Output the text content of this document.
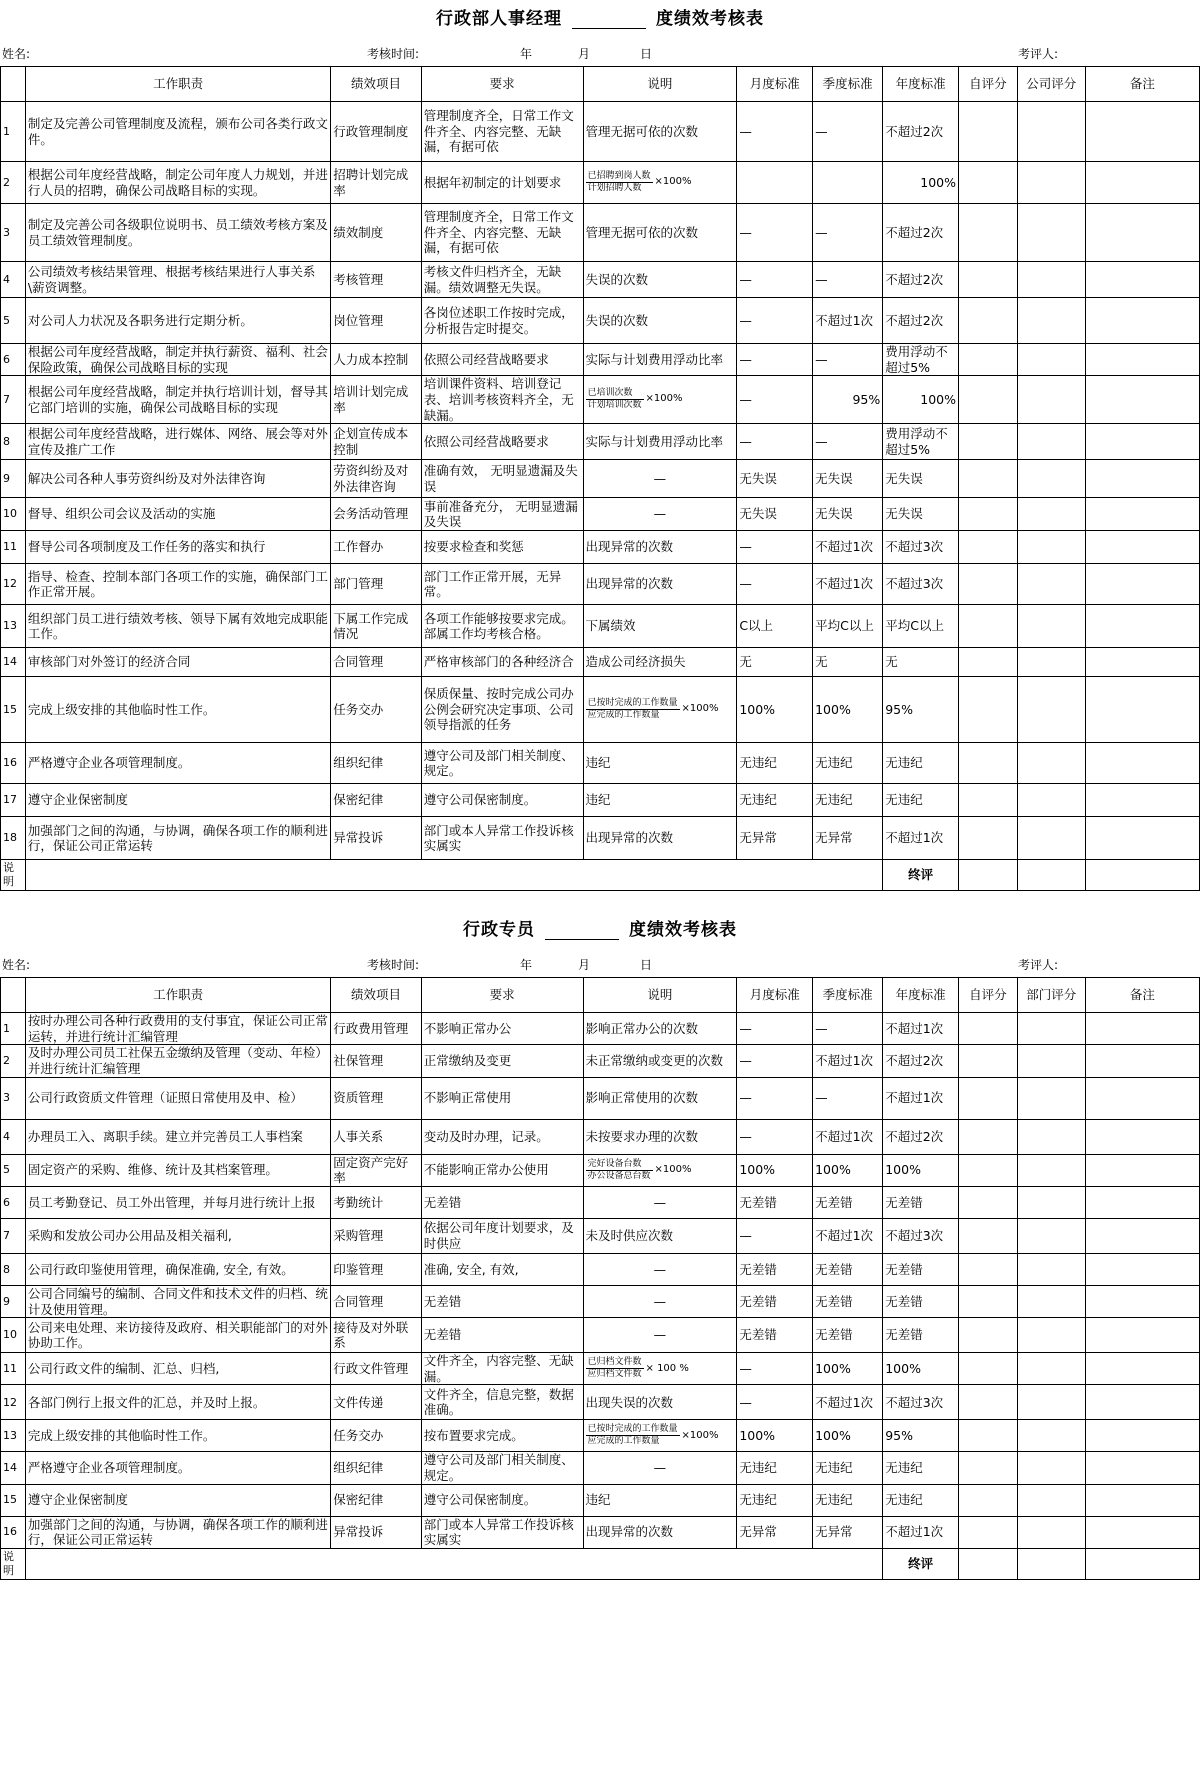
行政部人事经理	度绩效考核表
姓名:	考核时间:	年	月	日	考评人:
	工作职责	绩效项目	要求	说明	月度标准	季度标准	年度标准	自评分	公司评分	备注
1	制定及完善公司管理制度及流程，颁布公司各类行政文件。	行政管理制度	管理制度齐全，日常工作文件齐全、内容完整、无缺漏，有据可依	管理无据可依的次数	—	—	不超过2次			
2	根据公司年度经营战略，制定公司年度人力规划，并进行人员的招聘，确保公司战略目标的实现。	招聘计划完成率	根据年初制定的计划要求	$\frac{\text{已招聘到岗人数}}{\text{计划招聘人数}} \times 100\%$			100%			
3	制定及完善公司各级职位说明书、员工绩效考核方案及员工绩效管理制度。	绩效制度	管理制度齐全，日常工作文件齐全、内容完整、无缺漏，有据可依	管理无据可依的次数	—	—	不超过2次			
4	公司绩效考核结果管理、根据考核结果进行人事关系\薪资调整。	考核管理	考核文件归档齐全，无缺漏。绩效调整无失误。	失误的次数	—	—	不超过2次			
5	对公司人力状况及各职务进行定期分析。	岗位管理	各岗位述职工作按时完成，分析报告定时提交。	失误的次数	—	不超过1次	不超过2次			
6	根据公司年度经营战略，制定并执行薪资、福利、社会保险政策，确保公司战略目标的实现	人力成本控制	依照公司经营战略要求	实际与计划费用浮动比率	—	—	费用浮动不超过5%			
7	根据公司年度经营战略，制定并执行培训计划，督导其它部门培训的实施，确保公司战略目标的实现	培训计划完成率	培训课件资料、培训登记表、培训考核资料齐全，无缺漏。	$\frac{\text{已培训次数}}{\text{计划培训次数}} \times 100\%$	—	95%	100%			
8	根据公司年度经营战略，进行媒体、网络、展会等对外宣传及推广工作	企划宣传成本控制	依照公司经营战略要求	实际与计划费用浮动比率	—	—	费用浮动不超过5%			
9	解决公司各种人事劳资纠纷及对外法律咨询	劳资纠纷及对外法律咨询	准确有效， 无明显遗漏及失误	—	无失误	无失误	无失误			
10	督导、组织公司会议及活动的实施	会务活动管理	事前准备充分， 无明显遗漏及失误	—	无失误	无失误	无失误			
11	督导公司各项制度及工作任务的落实和执行	工作督办	按要求检查和奖惩	出现异常的次数	—	不超过1次	不超过3次			
12	指导、检查、控制本部门各项工作的实施，确保部门工作正常开展。	部门管理	部门工作正常开展，无异常。	出现异常的次数	—	不超过1次	不超过3次			
13	组织部门员工进行绩效考核、领导下属有效地完成职能工作。	下属工作完成情况	各项工作能够按要求完成。部属工作均考核合格。	下属绩效	C以上	平均C以上	平均C以上			
14	审核部门对外签订的经济合同	合同管理	严格审核部门的各种经济合	造成公司经济损失	无	无	无			
15	完成上级安排的其他临时性工作。	任务交办	保质保量、按时完成公司办公例会研究决定事项、公司领导指派的任务	$\frac{\text{已按时完成的工作数量}}{\text{应完成的工作数量}} \times 100\%$	100%	100%	95%			
16	严格遵守企业各项管理制度。	组织纪律	遵守公司及部门相关制度、规定。	违纪	无违纪	无违纪	无违纪			
17	遵守企业保密制度	保密纪律	遵守公司保密制度。	违纪	无违纪	无违纪	无违纪			
18	加强部门之间的沟通，与协调，确保各项工作的顺利进行，保证公司正常运转	异常投诉	部门或本人异常工作投诉核实属实	出现异常的次数	无异常	无异常	不超过1次			
说明							终评			
行政专员	度绩效考核表
姓名:	考核时间:	年	月	日	考评人:
	工作职责	绩效项目	要求	说明	月度标准	季度标准	年度标准	自评分	部门评分	备注
1	按时办理公司各种行政费用的支付事宜，保证公司正常运转，并进行统计汇编管理	行政费用管理	不影响正常办公	影响正常办公的次数	—	—	不超过1次			
2	及时办理公司员工社保五金缴纳及管理（变动、年检）并进行统计汇编管理	社保管理	正常缴纳及变更	未正常缴纳或变更的次数	—	不超过1次	不超过2次			
3	公司行政资质文件管理（证照日常使用及申、检）	资质管理	不影响正常使用	影响正常使用的次数	—	—	不超过1次			
4	办理员工入、离职手续。建立并完善员工人事档案	人事关系	变动及时办理，记录。	未按要求办理的次数	—	不超过1次	不超过2次			
5	固定资产的采购、维修、统计及其档案管理。	固定资产完好率	不能影响正常办公使用	$\frac{\text{完好设备台数}}{\text{办公设备总台数}} \times 100\%$	100%	100%	100%			
6	员工考勤登记、员工外出管理，并每月进行统计上报	考勤统计	无差错	—	无差错	无差错	无差错			
7	采购和发放公司办公用品及相关福利,	采购管理	依据公司年度计划要求，及时供应	未及时供应次数	—	不超过1次	不超过3次			
8	公司行政印鉴使用管理，确保准确, 安全, 有效。	印鉴管理	准确, 安全, 有效,	—	无差错	无差错	无差错			
9	公司合同编号的编制、合同文件和技术文件的归档、统计及使用管理。	合同管理	无差错	—	无差错	无差错	无差错			
10	公司来电处理、来访接待及政府、相关职能部门的对外协助工作。	接待及对外联系	无差错	—	无差错	无差错	无差错			
11	公司行政文件的编制、汇总、归档,	行政文件管理	文件齐全，内容完整、无缺漏。	$\frac{\text{已归档文件数}}{\text{应归档文件数}} \times 100$ %	—	100%	100%			
12	各部门例行上报文件的汇总，并及时上报。	文件传递	文件齐全，信息完整，数据准确。	出现失误的次数	—	不超过1次	不超过3次			
13	完成上级安排的其他临时性工作。	任务交办	按布置要求完成。	$\frac{\text{已按时完成的工作数量}}{\text{应完成的工作数量}} \times 100\%$	100%	100%	95%			
14	严格遵守企业各项管理制度。	组织纪律	遵守公司及部门相关制度、规定。	—	无违纪	无违纪	无违纪			
15	遵守企业保密制度	保密纪律	遵守公司保密制度。	违纪	无违纪	无违纪	无违纪			
16	加强部门之间的沟通，与协调，确保各项工作的顺利进行，保证公司正常运转	异常投诉	部门或本人异常工作投诉核实属实	出现异常的次数	无异常	无异常	不超过1次			
说明							终评			
